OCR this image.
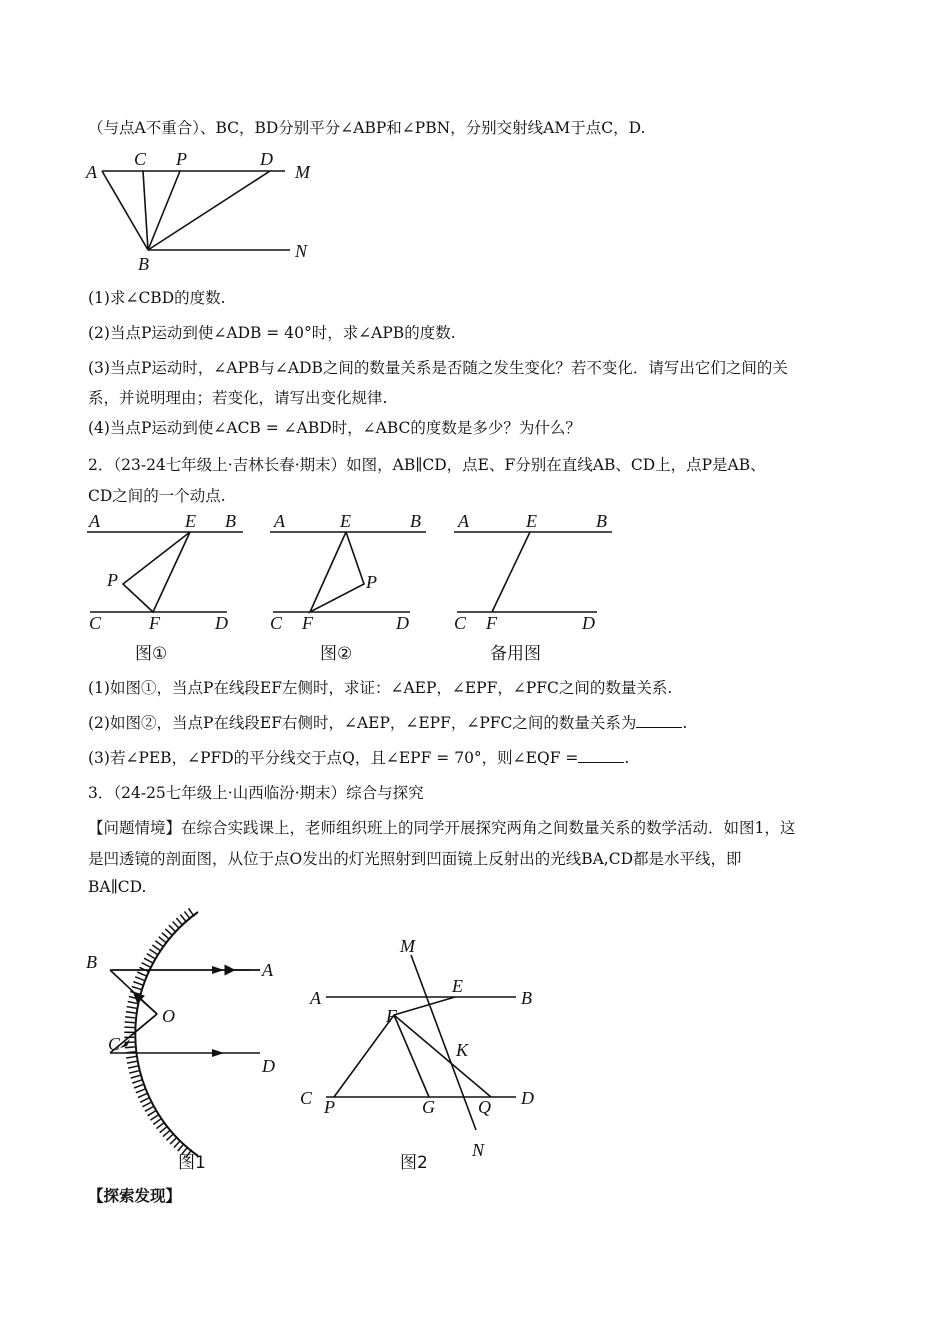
（与点A不重合）、BC，BD分别平分∠ABP和∠PBN，分别交射线AM于点C，D.
A
C P	D
M
B
N
(1)求∠CBD的度数.
(2)当点P运动到使∠ADB = 40°时，求∠APB的度数.
(3)当点P运动时，∠APB与∠ADB之间的数量关系是否随之发生变化？若不变化．请写出它们之间的关
系，并说明理由；若变化，请写出变化规律.
(4)当点P运动到使∠ACB = ∠ABD时，∠ABC的度数是多少？为什么？
2．（23-24七年级上·吉林长春·期末）如图，AB∥CD，点E、F分别在直线AB、CD上，点P是AB、
CD之间的一个动点.
A	E B
P
C	F	D
图①
A	E	B
P
C F	D
图②
A	E	B
C F	D
备用图
(1)如图①，当点P在线段EF左侧时，求证：∠AEP，∠EPF，∠PFC之间的数量关系.
(2)如图②，当点P在线段EF右侧时，∠AEP，∠EPF，∠PFC之间的数量关系为	.
(3)若∠PEB，∠PFD的平分线交于点Q，且∠EPF = 70°，则∠EQF =	.
3．（24-25七年级上·山西临汾·期末）综合与探究
【问题情境】在综合实践课上，老师组织班上的同学开展探究两角之间数量关系的数学活动．如图1，这
是凹透镜的剖面图，从位于点O发出的灯光照射到凹面镜上反射出的光线BA,CD都是水平线，即
BA∥CD.
B	A
O
C
D
图1
M
A
E
B
F
K
C P	G Q D
N
图2
【探索发现】
